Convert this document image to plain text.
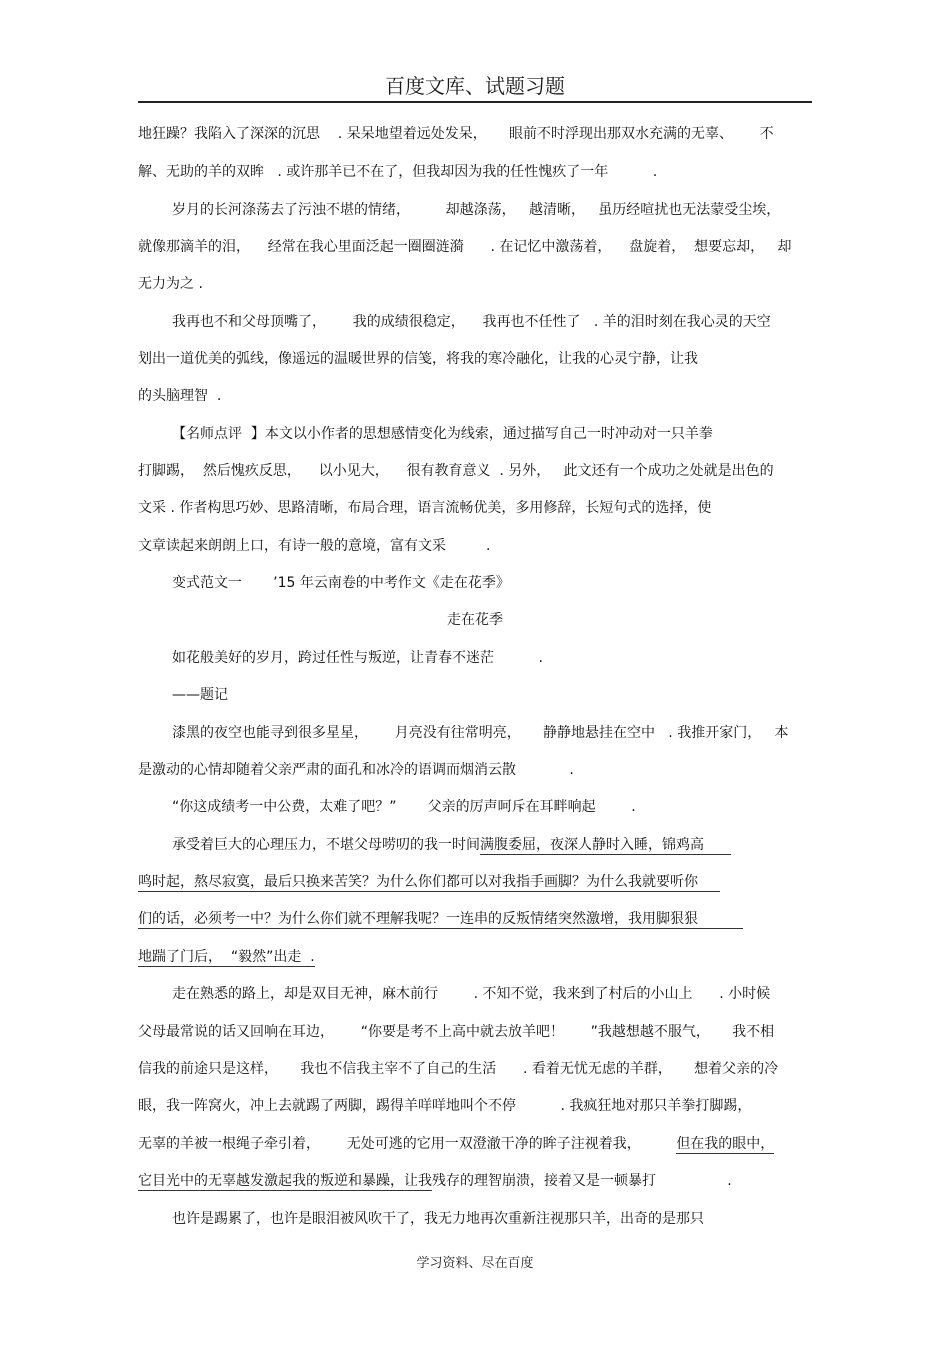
百度文库、试题习题
地狂躁？我陷入了深深的沉思    . 呆呆地望着远处发呆，     眼前不时浮现出那双水充满的无辜、      不
解、无助的羊的双眸   . 或许那羊已不在了，但我却因为我的任性愧疚了一年          .
岁月的长河涤荡去了污浊不堪的情绪，        却越涤荡，   越清晰，   虽历经喧扰也无法蒙受尘埃，
就像那滴羊的泪，    经常在我心里面泛起一圈圈涟漪      . 在记忆中激荡着，    盘旋着，  想要忘却，   却
无力为之 .
我再也不和父母顶嘴了，      我的成绩很稳定，    我再也不任性了   . 羊的泪时刻在我心灵的天空
划出一道优美的弧线，像遥远的温暖世界的信笺，将我的寒冷融化，让我的心灵宁静，让我
的头脑理智  .
【名师点评  】本文以小作者的思想感情变化为线索，通过描写自己一时冲动对一只羊拳
打脚踢，  然后愧疚反思，    以小见大，    很有教育意义  . 另外，   此文还有一个成功之处就是出色的
文采 . 作者构思巧妙、思路清晰，布局合理，语言流畅优美，多用修辞，长短句式的选择，使
文章读起来朗朗上口，有诗一般的意境，富有文采         .
变式范文一       ’15 年云南卷的中考作文《走在花季》
走在花季
如花般美好的岁月，跨过任性与叛逆，让青春不迷茫          .
——题记
漆黑的夜空也能寻到很多星星，      月亮没有往常明亮，     静静地悬挂在空中   . 我推开家门，   本
是激动的心情却随着父亲严肃的面孔和冰冷的语调而烟消云散            .
“你这成绩考一中公费，太难了吧？”       父亲的厉声呵斥在耳畔响起        .
承受着巨大的心理压力，不堪父母唠叨的我一时间满腹委屈，夜深人静时入睡，锦鸡高
鸣时起，熬尽寂寞，最后只换来苦笑？为什么你们都可以对我指手画脚？为什么我就要听你
们的话，必须考一中？为什么你们就不理解我呢？一连串的反叛情绪突然激增，我用脚狠狠
地踹了门后，  “毅然”出走  .
走在熟悉的路上，却是双目无神，麻木前行        . 不知不觉，我来到了村后的小山上      . 小时候
父母最常说的话又回响在耳边，      “你要是考不上高中就去放羊吧！      ”我越想越不服气，     我不相
信我的前途只是这样，     我也不信我主宰不了自己的生活      . 看着无忧无虑的羊群，     想着父亲的冷
眼，我一阵窝火，冲上去就踢了两脚，踢得羊咩咩地叫个不停          . 我疯狂地对那只羊拳打脚踢，
无辜的羊被一根绳子牵引着，      无处可逃的它用一双澄澈干净的眸子注视着我，        但在我的眼中，
它目光中的无辜越发激起我的叛逆和暴躁，让我残存的理智崩溃，接着又是一顿暴打                .
也许是踢累了，也许是眼泪被风吹干了，我无力地再次重新注视那只羊，出奇的是那只
学习资料、尽在百度
